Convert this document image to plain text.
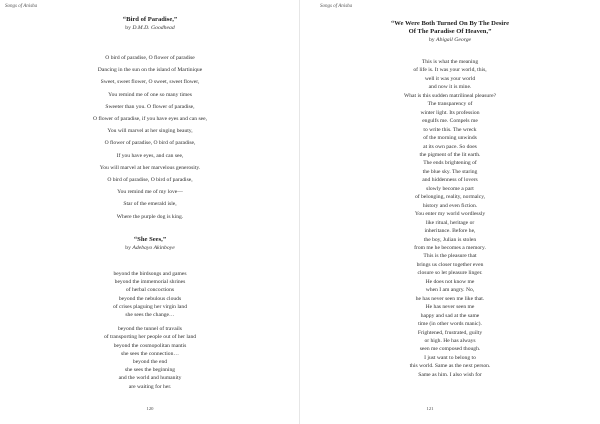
Songs of Anisha
“Bird of Paradise,”
by D.M.D. Goodhead
O bird of paradise, O flower of paradise
Dancing in the sun on the island of Martinique
Sweet, sweet flower, O sweet, sweet flower,
You remind me of one so many times
Sweeter than you. O flower of paradise,
O flower of paradise, if you have eyes and can see,
You will marvel at her singing beauty,
O flower of paradise, O bird of paradise,
If you have eyes, and can see,
You will marvel at her marvelous generosity.
O bird of paradise, O bird of paradise,
You remind me of my love—
Star of the emerald isle,
Where the purple dog is king.
“She Sees,”
by Adebayo Akinboye
beyond the birdsongs and games
beyond the immemorial shrines
of herbal concoctions
beyond the nebulous clouds
of crises plaguing her virgin land
she sees the change…
beyond the tunnel of travails
of transporting her people out of her land
beyond the cosmopolitan mantis
she sees the connection…
beyond the end
she sees the beginning
and the world and humanity
are waiting for her.
120
Songs of Anisha
“We Were Both Turned On By The Desire
Of The Paradise Of Heaven,”
by Abigail George
This is what the meaning
of life is. It was your world, this,
well it was your world
and now it is mine.
What is this sudden matrilineal pleasure?
The transparency of
winter light. Its profession
engulfs me. Compels me
to write this. The wreck
of the morning unwinds
at its own pace. So does
the pigment of the lit earth.
The ends brightening of
the blue sky. The staring
and hiddenness of lovers
slowly become a part
of belonging, reality, normalcy,
history and even fiction.
You enter my world wordlessly
like ritual, heritage or
inheritance. Before he,
the boy, Julian is stolen
from me he becomes a memory.
This is the pleasure that
brings us closer together even
closure so let pleasure linger.
He does not know me
when I am angry. No,
he has never seen me like that.
He has never seen me
happy and sad at the same
time (in other words manic).
Frightened, frustrated, guilty
or high. He has always
seen me composed though.
I just want to belong to
this world. Same as the next person.
Same as him. I also wish for
121
